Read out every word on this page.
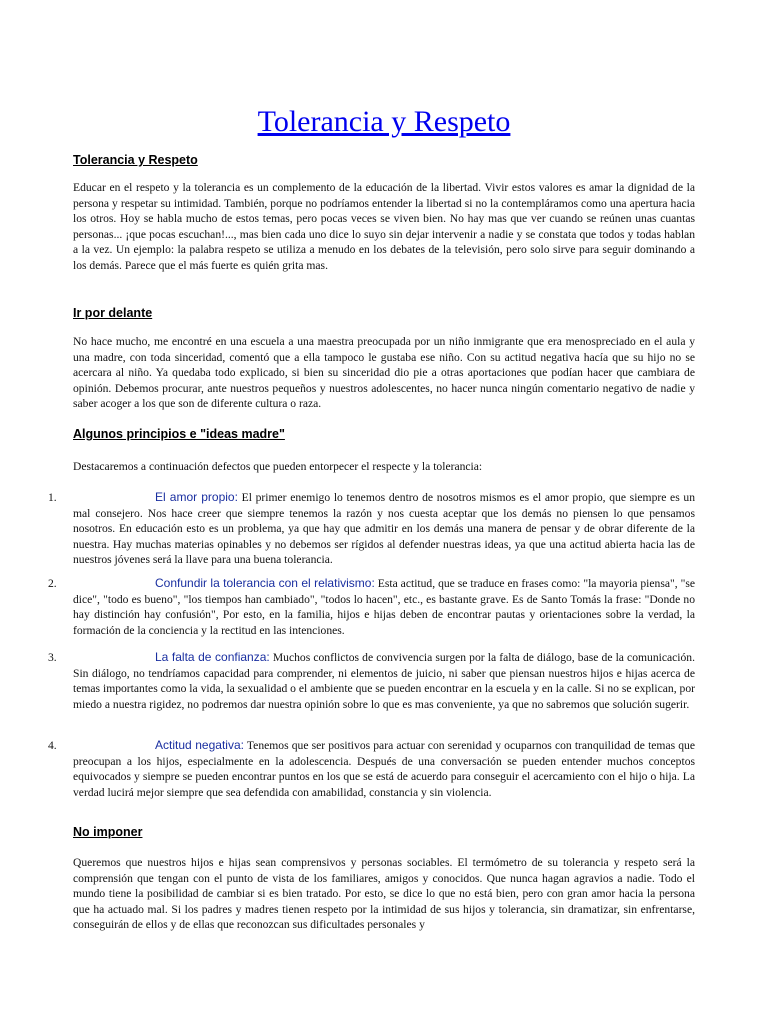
Tolerancia y Respeto
Tolerancia y Respeto

Educar en el respeto y la tolerancia es un complemento de la educación de la libertad. Vivir estos valores es amar la dignidad de la persona y respetar su intimidad. También, porque no podríamos entender la libertad si no la contempláramos como una apertura hacia los otros. Hoy se habla mucho de estos temas, pero pocas veces se viven bien. No hay mas que ver cuando se reúnen unas cuantas personas... ¡que pocas escuchan!..., mas bien cada uno dice lo suyo sin dejar intervenir a nadie y se constata que todos y todas hablan a la vez. Un ejemplo: la palabra respeto se utiliza a menudo en los debates de la televisión, pero solo sirve para seguir dominando a los demás. Parece que el más fuerte es quién grita mas.

Ir por delante

No hace mucho, me encontré en una escuela a una maestra preocupada por un niño inmigrante que era menospreciado en el aula y una madre, con toda sinceridad, comentó que a ella tampoco le gustaba ese niño. Con su actitud negativa hacía que su hijo no se acercara al niño. Ya quedaba todo explicado, si bien su sinceridad dio pie a otras aportaciones que podían hacer que cambiara de opinión. Debemos procurar, ante nuestros pequeños y nuestros adolescentes, no hacer nunca ningún comentario negativo de nadie y saber acoger a los que son de diferente cultura o raza.

Algunos principios e "ideas madre"

Destacaremos a continuación defectos que pueden entorpecer el respecte y la tolerancia:

1.	El amor propio: El primer enemigo lo tenemos dentro de nosotros mismos es el amor propio, que siempre es un mal consejero. Nos hace creer que siempre tenemos la razón y nos cuesta aceptar que los demás no piensen lo que pensamos nosotros. En educación esto es un problema, ya que hay que admitir en los demás una manera de pensar y de obrar diferente de la nuestra. Hay muchas materias opinables y no debemos ser rígidos al defender nuestras ideas, ya que una actitud abierta hacia las de nuestros jóvenes será la llave para una buena tolerancia.
2.	Confundir la tolerancia con el relativismo: Esta actitud, que se traduce en frases como: "la mayoria piensa", "se dice", "todo es bueno", "los tiempos han cambiado", "todos lo hacen", etc., es bastante grave. Es de Santo Tomás la frase: "Donde no hay distinción hay confusión", Por esto, en la familia, hijos e hijas deben de encontrar pautas y orientaciones sobre la verdad, la formación de la conciencia y la rectitud en las intenciones.
3.	La falta de confianza: Muchos conflictos de convivencia surgen por la falta de diálogo, base de la comunicación. Sin diálogo, no tendríamos capacidad para comprender, ni elementos de juicio, ni saber que piensan nuestros hijos e hijas acerca de temas importantes como la vida, la sexualidad o el ambiente que se pueden encontrar en la escuela y en la calle. Si no se explican, por miedo a nuestra rigidez, no podremos dar nuestra opinión sobre lo que es mas conveniente, ya que no sabremos que solución sugerir.
4.	Actitud negativa: Tenemos que ser positivos para actuar con serenidad y ocuparnos con tranquilidad de temas que preocupan a los hijos, especialmente en la adolescencia. Después de una conversación se pueden entender muchos conceptos equivocados y siempre se pueden encontrar puntos en los que se está de acuerdo para conseguir el acercamiento con el hijo o hija. La verdad lucirá mejor siempre que sea defendida con amabilidad, constancia y sin violencia.
No imponer

Queremos que nuestros hijos e hijas sean comprensivos y personas sociables. El termómetro de su tolerancia y respeto será la comprensión que tengan con el punto de vista de los familiares, amigos y conocidos. Que nunca hagan agravios a nadie. Todo el mundo tiene la posibilidad de cambiar si es bien tratado. Por esto, se dice lo que no está bien, pero con gran amor hacia la persona que ha actuado mal. Si los padres y madres tienen respeto por la intimidad de sus hijos y tolerancia, sin dramatizar, sin enfrentarse, conseguirán de ellos y de ellas que reconozcan sus dificultades personales y
